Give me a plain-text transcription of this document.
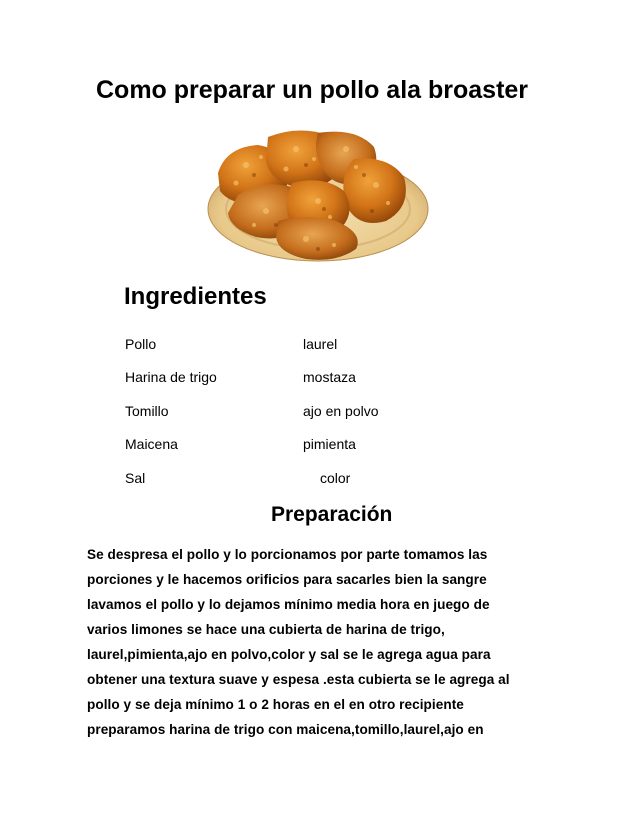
Como preparar un pollo ala broaster
Ingredientes
Pollo
Harina de trigo
Tomillo
Maicena
Sal
laurel
mostaza
ajo en polvo
pimienta
color
Preparación
Se despresa el pollo y lo porcionamos por parte tomamos las
porciones y le hacemos orificios para sacarles bien la sangre
lavamos el pollo y lo dejamos mínimo media hora en juego de
varios limones se hace una cubierta de harina de trigo,
laurel,pimienta,ajo en polvo,color y sal se le agrega agua para
obtener una textura suave y espesa .esta cubierta se le agrega al
pollo y se deja mínimo 1 o 2 horas en el en otro recipiente
preparamos harina de trigo con maicena,tomillo,laurel,ajo en
